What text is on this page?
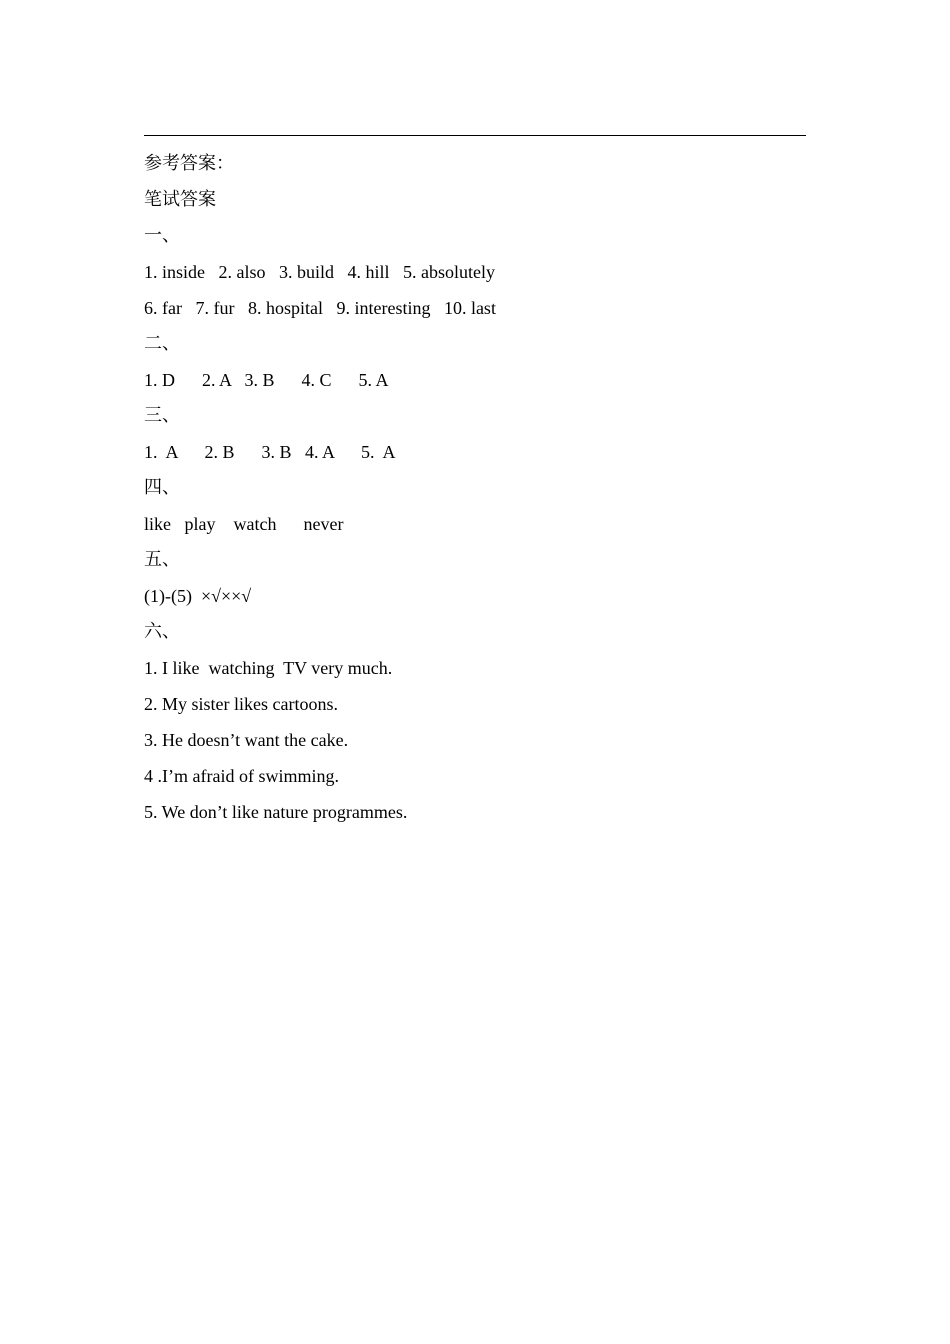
参考答案：
笔试答案
一、
1. inside   2. also   3. build   4. hill   5. absolutely
6. far   7. fur   8. hospital   9. interesting   10. last
二、
1. D      2. A   3. B      4. C      5. A
三、
1.  A      2. B      3. B   4. A      5.  A
四、
like   play    watch      never
五、
(1)-(5)  ×√××√
六、
1. I like  watching  TV very much.
2. My sister likes cartoons.
3. He doesn’t want the cake.
4 .I’m afraid of swimming.
5. We don’t like nature programmes.
